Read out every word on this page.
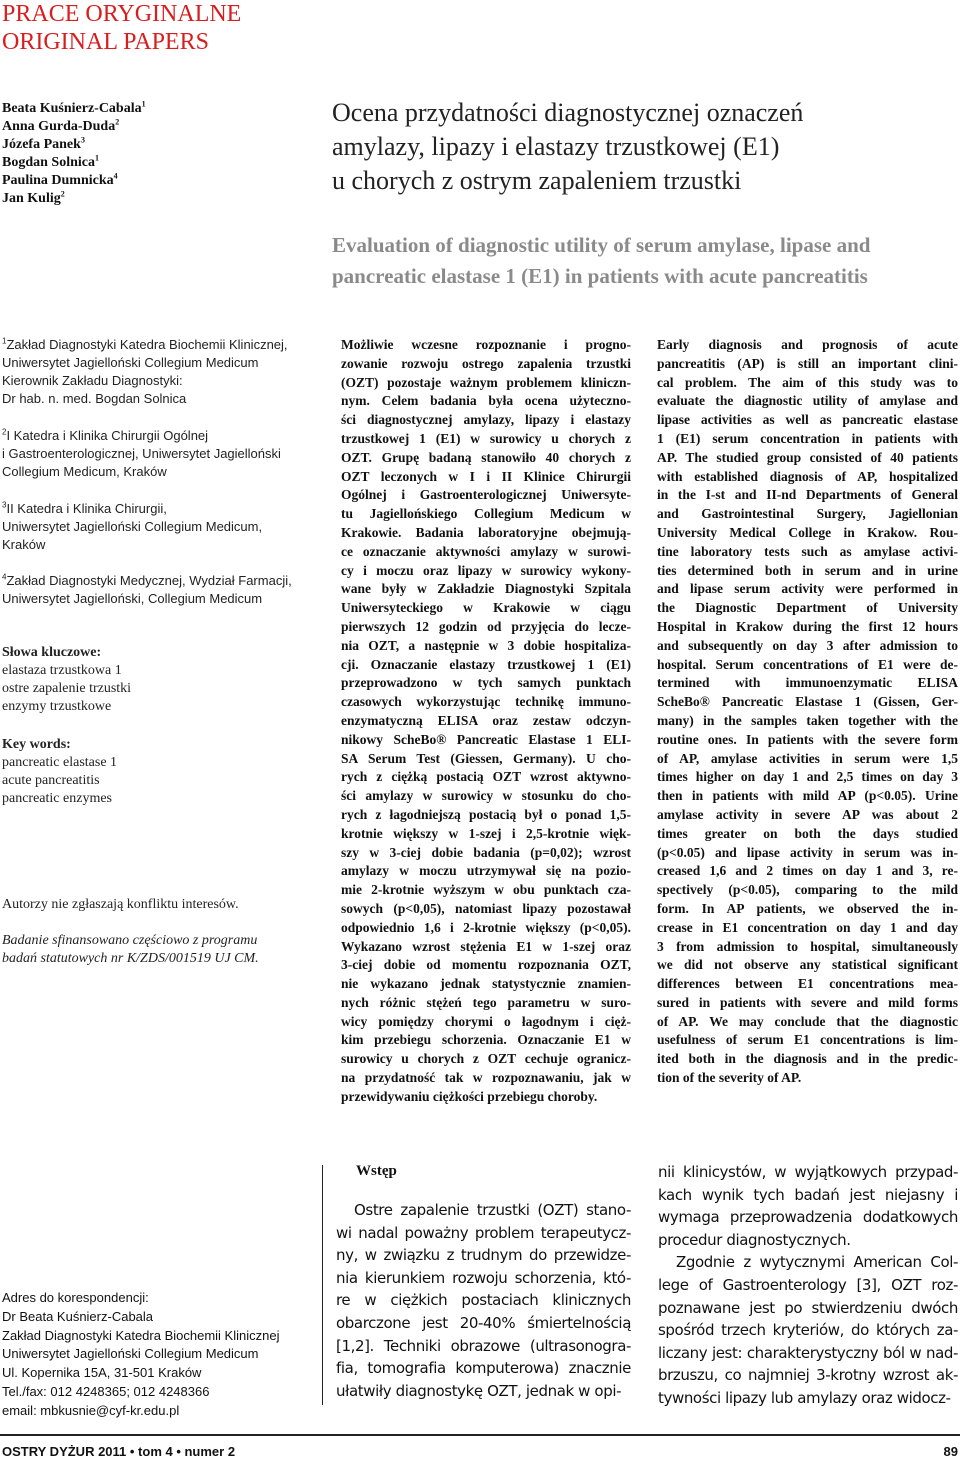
PRACE ORYGINALNE
ORIGINAL PAPERS
Beata Kuśnierz-Cabala$^1$
Anna Gurda-Duda$^2$
Józefa Panek$^3$
Bogdan Solnica$^1$
Paulina Dumnicka$^4$
Jan Kulig$^2$
Ocena przydatności diagnostycznej oznaczeń
amylazy, lipazy i elastazy trzustkowej (E1)
u chorych z ostrym zapaleniem trzustki
Evaluation of diagnostic utility of serum amylase, lipase and
pancreatic elastase 1 (E1) in patients with acute pancreatitis
$^1$Zakład Diagnostyki Katedra Biochemii Klinicznej,
Uniwersytet Jagielloński Collegium Medicum
Kierownik Zakładu Diagnostyki:
Dr hab. n. med. Bogdan Solnica
$^2$I Katedra i Klinika Chirurgii Ogólnej
i Gastroenterologicznej, Uniwersytet Jagielloński
Collegium Medicum, Kraków
$^3$II Katedra i Klinika Chirurgii,
Uniwersytet Jagielloński Collegium Medicum,
Kraków
$^4$Zakład Diagnostyki Medycznej, Wydział Farmacji,
Uniwersytet Jagielloński, Collegium Medicum
Słowa kluczowe:
elastaza trzustkowa 1
ostre zapalenie trzustki
enzymy trzustkowe
Key words:
pancreatic elastase 1
acute pancreatitis
pancreatic enzymes
Autorzy nie zgłaszają konfliktu interesów.
Badanie sfinansowano częściowo z programu
badań statutowych nr K/ZDS/001519 UJ CM.
Możliwie wczesne rozpoznanie i progno-
zowanie rozwoju ostrego zapalenia trzustki
(OZT) pozostaje ważnym problemem kliniczn-
nym. Celem badania była ocena użyteczno-
ści diagnostycznej amylazy, lipazy i elastazy
trzustkowej 1 (E1) w surowicy u chorych z
OZT. Grupę badaną stanowiło 40 chorych z
OZT leczonych w I i II Klinice Chirurgii
Ogólnej i Gastroenterologicznej Uniwersyte-
tu Jagiellońskiego Collegium Medicum w
Krakowie. Badania laboratoryjne obejmują-
ce oznaczanie aktywności amylazy w surowi-
cy i moczu oraz lipazy w surowicy wykony-
wane były w Zakładzie Diagnostyki Szpitala
Uniwersyteckiego w Krakowie w ciągu
pierwszych 12 godzin od przyjęcia do lecze-
nia OZT, a następnie w 3 dobie hospitaliza-
cji. Oznaczanie elastazy trzustkowej 1 (E1)
przeprowadzono w tych samych punktach
czasowych wykorzystując technikę immuno-
enzymatyczną ELISA oraz zestaw odczyn-
nikowy ScheBo® Pancreatic Elastase 1 ELI-
SA Serum Test (Giessen, Germany). U cho-
rych z ciężką postacią OZT wzrost aktywno-
ści amylazy w surowicy w stosunku do cho-
rych z łagodniejszą postacią był o ponad 1,5-
krotnie większy w 1-szej i 2,5-krotnie więk-
szy w 3-ciej dobie badania (p=0,02); wzrost
amylazy w moczu utrzymywał się na pozio-
mie 2-krotnie wyższym w obu punktach cza-
sowych (p<0,05), natomiast lipazy pozostawał
odpowiednio 1,6 i 2-krotnie większy (p<0,05).
Wykazano wzrost stężenia E1 w 1-szej oraz
3-ciej dobie od momentu rozpoznania OZT,
nie wykazano jednak statystycznie znamien-
nych różnic stężeń tego parametru w suro-
wicy pomiędzy chorymi o łagodnym i cięż-
kim przebiegu schorzenia. Oznaczanie E1 w
surowicy u chorych z OZT cechuje ogranicz-
na przydatność tak w rozpoznawaniu, jak w
przewidywaniu ciężkości przebiegu choroby.
Early diagnosis and prognosis of acute
pancreatitis (AP) is still an important clini-
cal problem. The aim of this study was to
evaluate the diagnostic utility of amylase and
lipase activities as well as pancreatic elastase
1 (E1) serum concentration in patients with
AP. The studied group consisted of 40 patients
with established diagnosis of AP, hospitalized
in the I-st and II-nd Departments of General
and Gastrointestinal Surgery, Jagiellonian
University Medical College in Krakow. Rou-
tine laboratory tests such as amylase activi-
ties determined both in serum and in urine
and lipase serum activity were performed in
the Diagnostic Department of University
Hospital in Krakow during the first 12 hours
and subsequently on day 3 after admission to
hospital. Serum concentrations of E1 were de-
termined with immunoenzymatic ELISA
ScheBo® Pancreatic Elastase 1 (Gissen, Ger-
many) in the samples taken together with the
routine ones. In patients with the severe form
of AP, amylase activities in serum were 1,5
times higher on day 1 and 2,5 times on day 3
then in patients with mild AP (p<0.05). Urine
amylase activity in severe AP was about 2
times greater on both the days studied
(p<0.05) and lipase activity in serum was in-
creased 1,6 and 2 times on day 1 and 3, re-
spectively (p<0.05), comparing to the mild
form. In AP patients, we observed the in-
crease in E1 concentration on day 1 and day
3 from admission to hospital, simultaneously
we did not observe any statistical significant
differences between E1 concentrations mea-
sured in patients with severe and mild forms
of AP. We may conclude that the diagnostic
usefulness of serum E1 concentrations is lim-
ited both in the diagnosis and in the predic-
tion of the severity of AP.
Wstęp
Ostre zapalenie trzustki (OZT) stano-
wi nadal poważny problem terapeutycz-
ny, w związku z trudnym do przewidze-
nia kierunkiem rozwoju schorzenia, któ-
re w ciężkich postaciach klinicznych
obarczone jest 20-40% śmiertelnością
[1,2]. Techniki obrazowe (ultrasonogra-
fia, tomografia komputerowa) znacznie
ułatwiły diagnostykę OZT, jednak w opi-
nii klinicystów, w wyjątkowych przypad-
kach wynik tych badań jest niejasny i
wymaga przeprowadzenia dodatkowych
procedur diagnostycznych.
Zgodnie z wytycznymi American Col-
lege of Gastroenterology [3], OZT roz-
poznawane jest po stwierdzeniu dwóch
spośród trzech kryteriów, do których za-
liczany jest: charakterystyczny ból w nad-
brzuszu, co najmniej 3-krotny wzrost ak-
tywności lipazy lub amylazy oraz widocz-
Adres do korespondencji:
Dr Beata Kuśnierz-Cabala
Zakład Diagnostyki Katedra Biochemii Klinicznej
Uniwersytet Jagielloński Collegium Medicum
Ul. Kopernika 15A, 31-501 Kraków
Tel./fax: 012 4248365; 012 4248366
email: mbkusnie@cyf-kr.edu.pl
OSTRY DYŻUR 2011 • tom 4 • numer 2	89
